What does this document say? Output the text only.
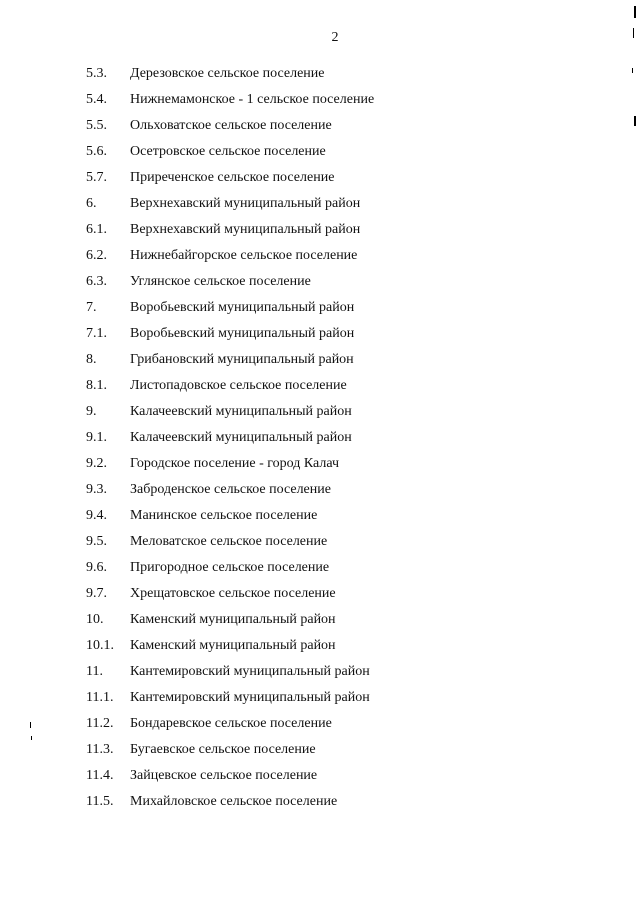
2
5.3.	Дерезовское сельское поселение
5.4.	Нижнемамонское - 1 сельское поселение
5.5.	Ольховатское сельское поселение
5.6.	Осетровское сельское поселение
5.7.	Приреченское сельское поселение
6.	Верхнехавский муниципальный район
6.1.	Верхнехавский муниципальный район
6.2.	Нижнебайгорское сельское поселение
6.3.	Углянское сельское поселение
7.	Воробьевский муниципальный район
7.1.	Воробьевский муниципальный район
8.	Грибановский муниципальный район
8.1.	Листопадовское сельское поселение
9.	Калачеевский муниципальный район
9.1.	Калачеевский муниципальный район
9.2.	Городское поселение - город Калач
9.3.	Заброденское сельское поселение
9.4.	Манинское сельское поселение
9.5.	Меловатское сельское поселение
9.6.	Пригородное сельское поселение
9.7.	Хрещатовское сельское поселение
10.	Каменский муниципальный район
10.1.	Каменский муниципальный район
11.	Кантемировский муниципальный район
11.1.	Кантемировский муниципальный район
11.2.	Бондаревское сельское поселение
11.3.	Бугаевское сельское поселение
11.4.	Зайцевское сельское поселение
11.5.	Михайловское сельское поселение
